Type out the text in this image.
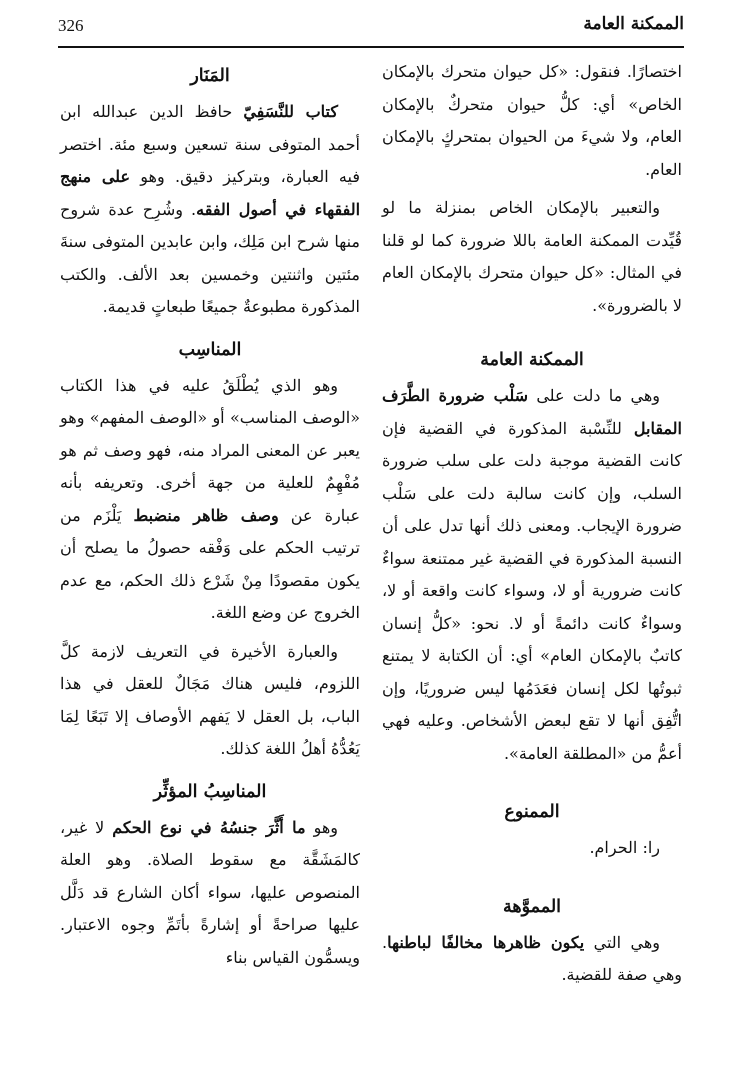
الممكنة العامة
326

اختصارًا. فنقول: «كل حيوان متحرك بالإمكان الخاص» أي: كلُّ حيوان متحركٌ بالإمكان العام، ولا شيءَ من الحيوان بمتحركٍ بالإمكان العام.

والتعبير بالإمكان الخاص بمنزلة ما لو قُيِّدت الممكنة العامة باللا ضرورة كما لو قلنا في المثال: «كل حيوان متحرك بالإمكان العام لا بالضرورة».

الممكنة العامة

وهي ما دلت على سَلْب ضرورة الطَّرَف المقابل للنِّسْبة المذكورة في القضية فإن كانت القضية موجبة دلت على سلب ضرورة السلب، وإن كانت سالبة دلت على سَلْب ضرورة الإيجاب. ومعنى ذلك أنها تدل على أن النسبة المذكورة في القضية غير ممتنعة سواءٌ كانت ضرورية أو لا، وسواء كانت واقعة أو لا، وسواءٌ كانت دائمةً أو لا. نحو: «كلُّ إنسان كاتبٌ بالإمكان العام» أي: أن الكتابة لا يمتنع ثبوتُها لكل إنسان فعَدَمُها ليس ضروريًا، وإن اتُّفِق أنها لا تقع لبعض الأشخاص. وعليه فهي أعمُّ من «المطلقة العامة».

الممنوع

را: الحرام.

المموَّهة

وهي التي يكون ظاهرها مخالفًا لباطنها. وهي صفة للقضية.

المَنَار

كتاب للنَّسَفِيّ حافظ الدين عبدالله ابن أحمد المتوفى سنة تسعين وسبع مئة. اختصر فيه العبارة، وبتركيز دقيق. وهو على منهج الفقهاء في أصول الفقه. وشُرِح عدة شروح منها شرح ابن مَلِك، وابن عابدين المتوفى سنةَ مئتين واثنتين وخمسين بعد الألف. والكتب المذكورة مطبوعةٌ جميعًا طبعاتٍ قديمة.

المناسِب

وهو الذي يُطْلَقُ عليه في هذا الكتاب «الوصف المناسب» أو «الوصف المفهم» وهو يعبر عن المعنى المراد منه، فهو وصف ثم هو مُفْهِمٌ للعلية من جهة أخرى. وتعريفه بأنه عبارة عن وصف ظاهر منضبط يَلْزَم من ترتيب الحكم على وَفْقه حصولُ ما يصلح أن يكون مقصودًا مِنْ شَرْع ذلك الحكم، مع عدم الخروج عن وضع اللغة.

والعبارة الأخيرة في التعريف لازمة كلَّ اللزوم، فليس هناك مَجَالٌ للعقل في هذا الباب، بل العقل لا يَفهم الأوصاف إلا تَبَعًا لِمَا يَعُدُّهُ أهلُ اللغة كذلك.

المناسِبُ المؤثِّر

وهو ما أَثَّرَ جنسُهُ في نوع الحكم لا غير، كالمَشَقَّة مع سقوط الصلاة. وهو العلة المنصوص عليها، سواء أكان الشارع قد دَلَّل عليها صراحةً أو إشارةً بأتَمِّ وجوه الاعتبار. ويسمُّون القياس بناء
